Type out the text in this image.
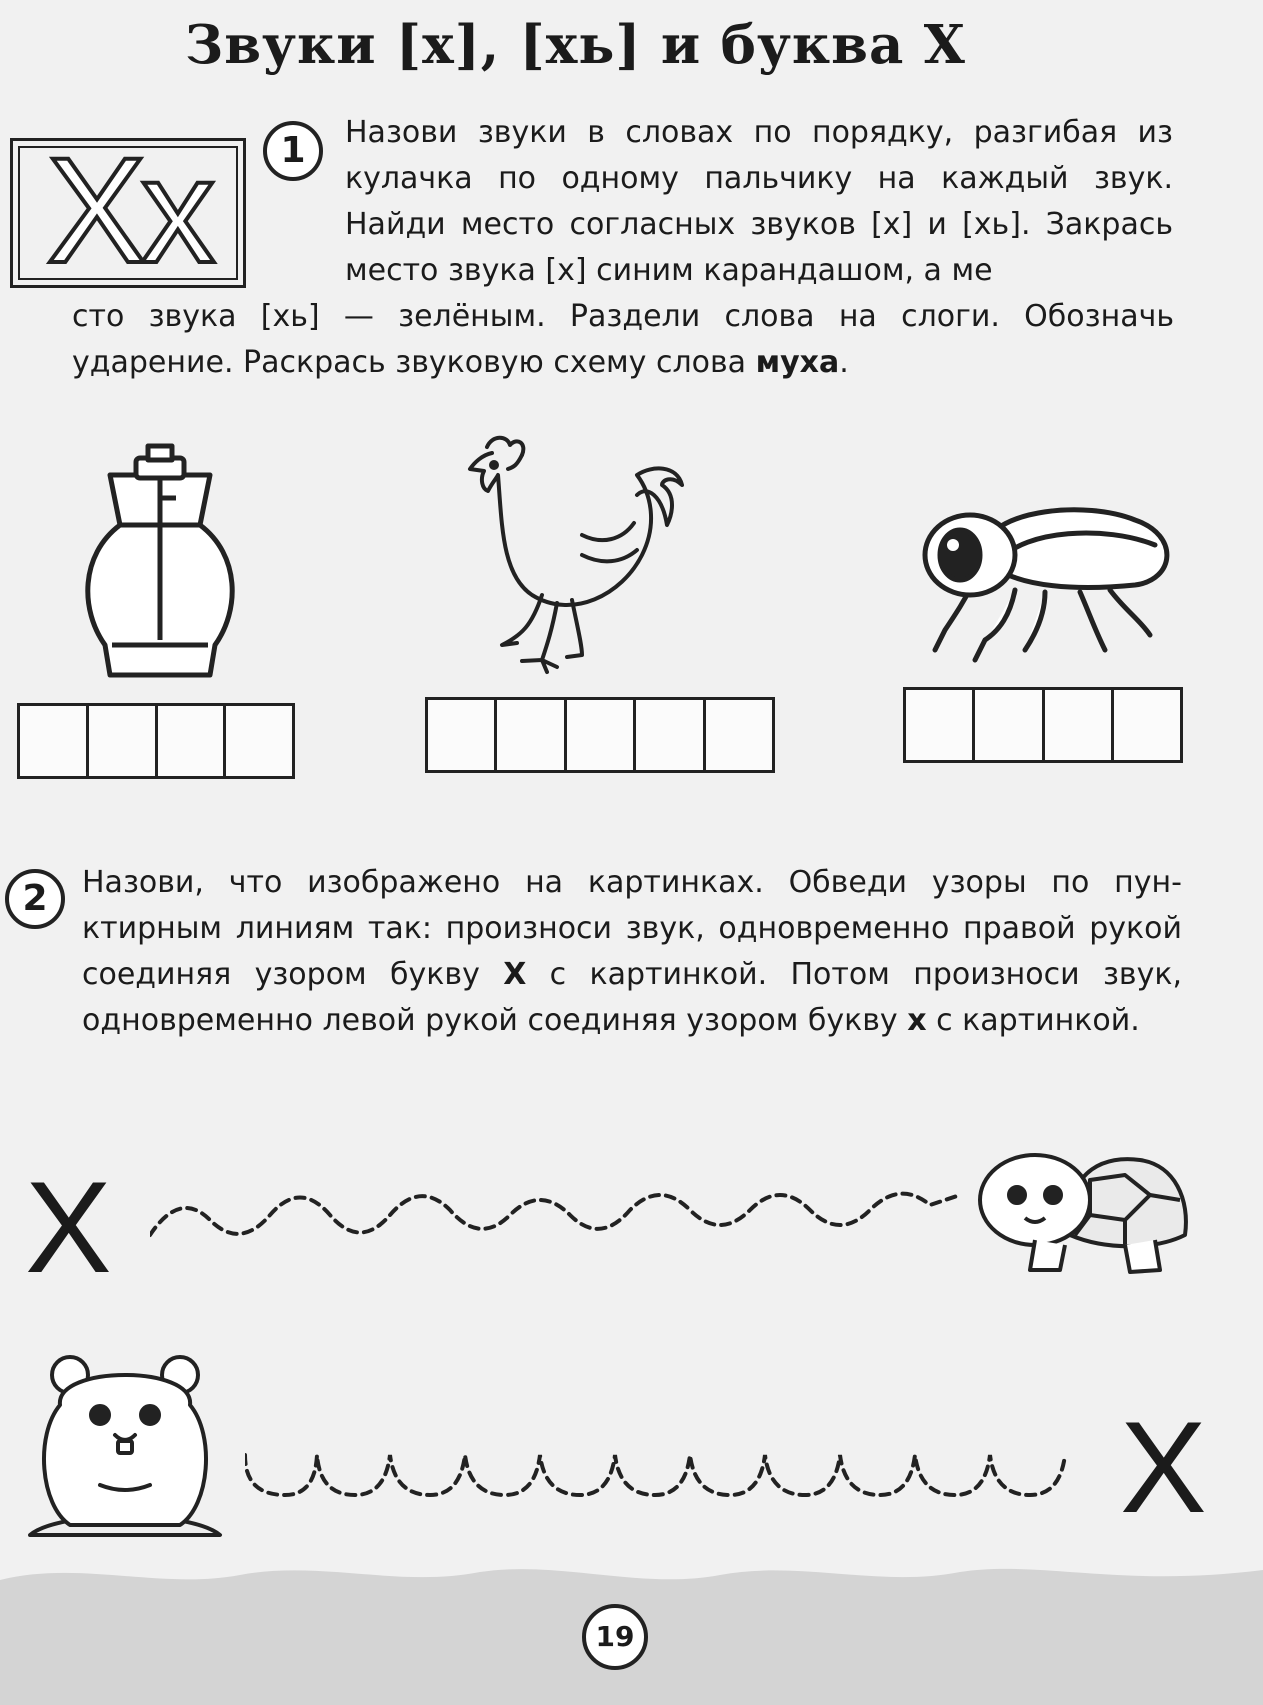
Звуки [х], [хь] и буква Х
Хх	1	Назови звуки в словах по порядку, разгибая из кулачка по одному пальчику на каждый звук. Найди место согласных звуков [х] и [хь]. Закрась место звука [х] синим карандашом, а ме
сто звука [хь] — зелёным. Раздели слова на слоги. Обозначь ударение. Раскрась звуковую схему слова муха.
2	Назови, что изображено на картинках. Обведи узоры по пунктирным линиям так: произноси звук, одновременно правой рукой соединяя узором букву Х с картинкой. Потом произноси звук, одновременно левой рукой соединяя узором букву х с картинкой.
Х
Х
19
